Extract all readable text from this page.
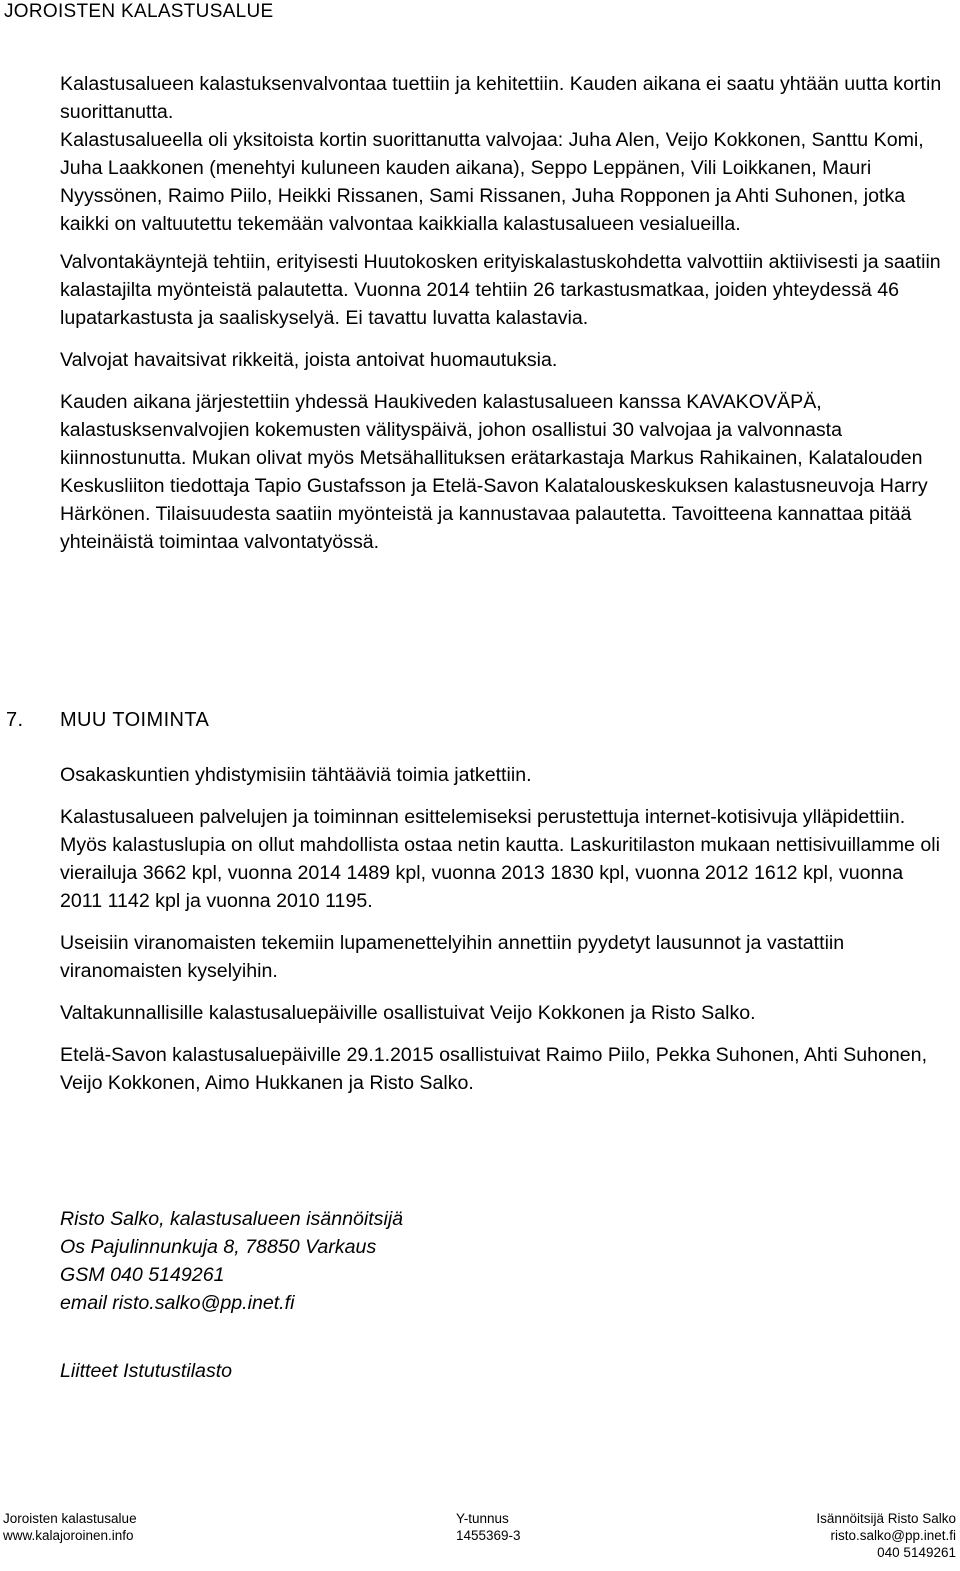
JOROISTEN KALASTUSALUE

Kalastusalueen kalastuksenvalvontaa tuettiin ja kehitettiin. Kauden aikana ei saatu yhtään uutta kortin suorittanutta.

Kalastusalueella oli yksitoista kortin suorittanutta valvojaa: Juha Alen, Veijo Kokkonen, Santtu Komi, Juha Laakkonen (menehtyi kuluneen kauden aikana), Seppo Leppänen, Vili Loikkanen, Mauri Nyyssönen, Raimo Piilo, Heikki Rissanen, Sami Rissanen, Juha Ropponen ja Ahti Suhonen, jotka kaikki on valtuutettu tekemään valvontaa kaikkialla kalastusalueen vesialueilla.

Valvontakäyntejä tehtiin, erityisesti Huutokosken erityiskalastuskohdetta valvottiin aktiivisesti ja saatiin kalastajilta myönteistä palautetta. Vuonna 2014 tehtiin 26 tarkastusmatkaa, joiden yhteydessä 46 lupatarkastusta ja saaliskyselyä. Ei tavattu luvatta kalastavia.

Valvojat havaitsivat rikkeitä, joista antoivat huomautuksia.

Kauden aikana järjestettiin yhdessä Haukiveden kalastusalueen kanssa KAVAKOVÄPÄ, kalastusksenvalvojien kokemusten välityspäivä, johon osallistui 30 valvojaa ja valvonnasta kiinnostunutta. Mukan olivat myös Metsähallituksen erätarkastaja Markus Rahikainen, Kalatalouden Keskusliiton tiedottaja Tapio Gustafsson ja Etelä-Savon Kalatalouskeskuksen kalastusneuvoja Harry Härkönen. Tilaisuudesta saatiin myönteistä ja kannustavaa palautetta. Tavoitteena kannattaa pitää yhteinäistä toimintaa valvontatyössä.

7. MUU TOIMINTA

Osakaskuntien yhdistymisiin tähtääviä toimia jatkettiin.

Kalastusalueen palvelujen ja toiminnan esittelemiseksi perustettuja internet-kotisivuja ylläpidettiin. Myös kalastuslupia on ollut mahdollista ostaa netin kautta. Laskuritilaston mukaan nettisivuillamme oli vierailuja 3662 kpl, vuonna 2014 1489 kpl, vuonna 2013 1830 kpl, vuonna 2012 1612 kpl, vuonna 2011 1142 kpl ja vuonna 2010 1195.

Useisiin viranomaisten tekemiin lupamenettelyihin annettiin pyydetyt lausunnot ja vastattiin viranomaisten kyselyihin.

Valtakunnallisille kalastusaluepäiville osallistuivat Veijo Kokkonen ja Risto Salko.

Etelä-Savon kalastusaluepäiville 29.1.2015 osallistuivat Raimo Piilo, Pekka Suhonen, Ahti Suhonen, Veijo Kokkonen, Aimo Hukkanen ja Risto Salko.

Risto Salko, kalastusalueen isännöitsijä
Os Pajulinnunkuja 8, 78850 Varkaus
GSM 040 5149261
email risto.salko@pp.inet.fi
Liitteet Istutustilasto
Joroisten kalastusalue
www.kalajoroinen.info
Y-tunnus
1455369-3
Isännöitsijä Risto Salko
risto.salko@pp.inet.fi
040 5149261
